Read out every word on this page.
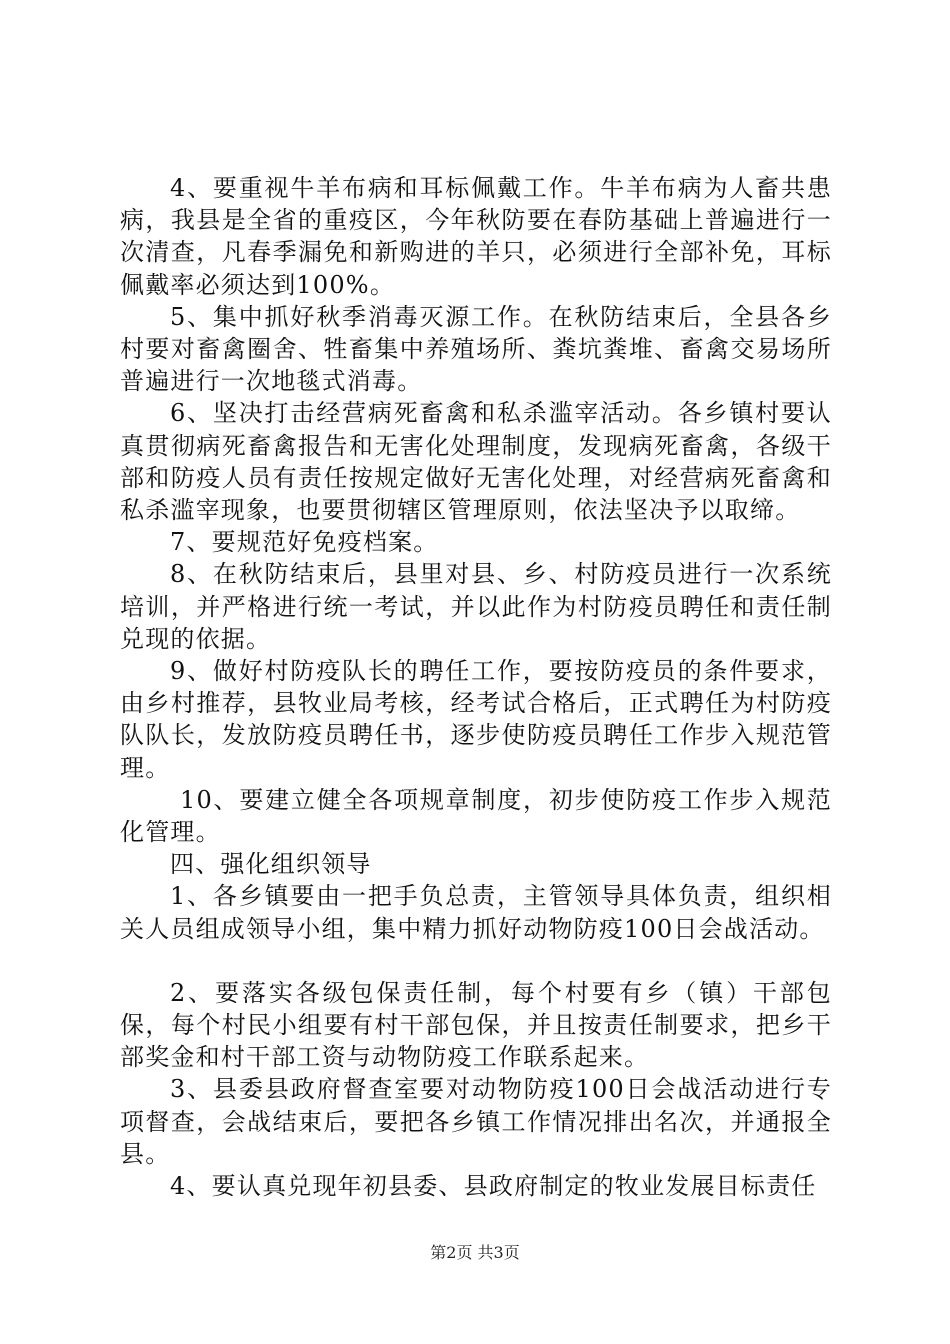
4、要重视牛羊布病和耳标佩戴工作。牛羊布病为人畜共患病，我县是全省的重疫区，今年秋防要在春防基础上普遍进行一次清查，凡春季漏免和新购进的羊只，必须进行全部补免，耳标佩戴率必须达到100%。

5、集中抓好秋季消毒灭源工作。在秋防结束后，全县各乡村要对畜禽圈舍、牲畜集中养殖场所、粪坑粪堆、畜禽交易场所普遍进行一次地毯式消毒。

6、坚决打击经营病死畜禽和私杀滥宰活动。各乡镇村要认真贯彻病死畜禽报告和无害化处理制度，发现病死畜禽，各级干部和防疫人员有责任按规定做好无害化处理，对经营病死畜禽和私杀滥宰现象，也要贯彻辖区管理原则，依法坚决予以取缔。

7、要规范好免疫档案。

8、在秋防结束后，县里对县、乡、村防疫员进行一次系统培训，并严格进行统一考试，并以此作为村防疫员聘任和责任制兑现的依据。

9、做好村防疫队长的聘任工作，要按防疫员的条件要求，由乡村推荐，县牧业局考核，经考试合格后，正式聘任为村防疫队队长，发放防疫员聘任书，逐步使防疫员聘任工作步入规范管理。

10、要建立健全各项规章制度，初步使防疫工作步入规范化管理。

四、强化组织领导

1、各乡镇要由一把手负总责，主管领导具体负责，组织相关人员组成领导小组，集中精力抓好动物防疫100日会战活动。

2、要落实各级包保责任制，每个村要有乡（镇）干部包保，每个村民小组要有村干部包保，并且按责任制要求，把乡干部奖金和村干部工资与动物防疫工作联系起来。

3、县委县政府督查室要对动物防疫100日会战活动进行专项督查，会战结束后，要把各乡镇工作情况排出名次，并通报全县。

4、要认真兑现年初县委、县政府制定的牧业发展目标责任

第2页 共3页
